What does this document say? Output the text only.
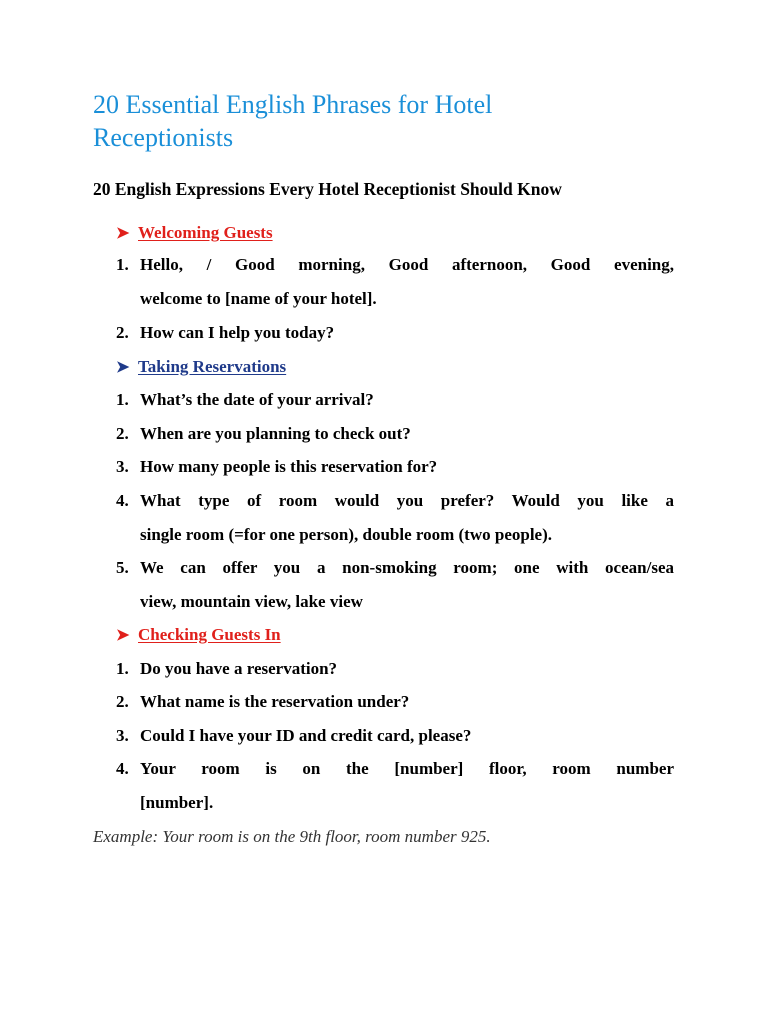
20 Essential English Phrases for Hotel
Receptionists

20 English Expressions Every Hotel Receptionist Should Know

➤ Welcoming Guests
1. Hello, / Good morning, Good afternoon, Good evening,
welcome to [name of your hotel].
2. How can I help you today?
➤ Taking Reservations
1. What’s the date of your arrival?
2. When are you planning to check out?
3. How many people is this reservation for?
4. What type of room would you prefer? Would you like a
single room (=for one person), double room (two people).
5. We can offer you a non-smoking room; one with ocean/sea
view, mountain view, lake view
➤ Checking Guests In
1. Do you have a reservation?
2. What name is the reservation under?
3. Could I have your ID and credit card, please?
4. Your room is on the [number] floor, room number
[number].
Example: Your room is on the 9th floor, room number 925.
